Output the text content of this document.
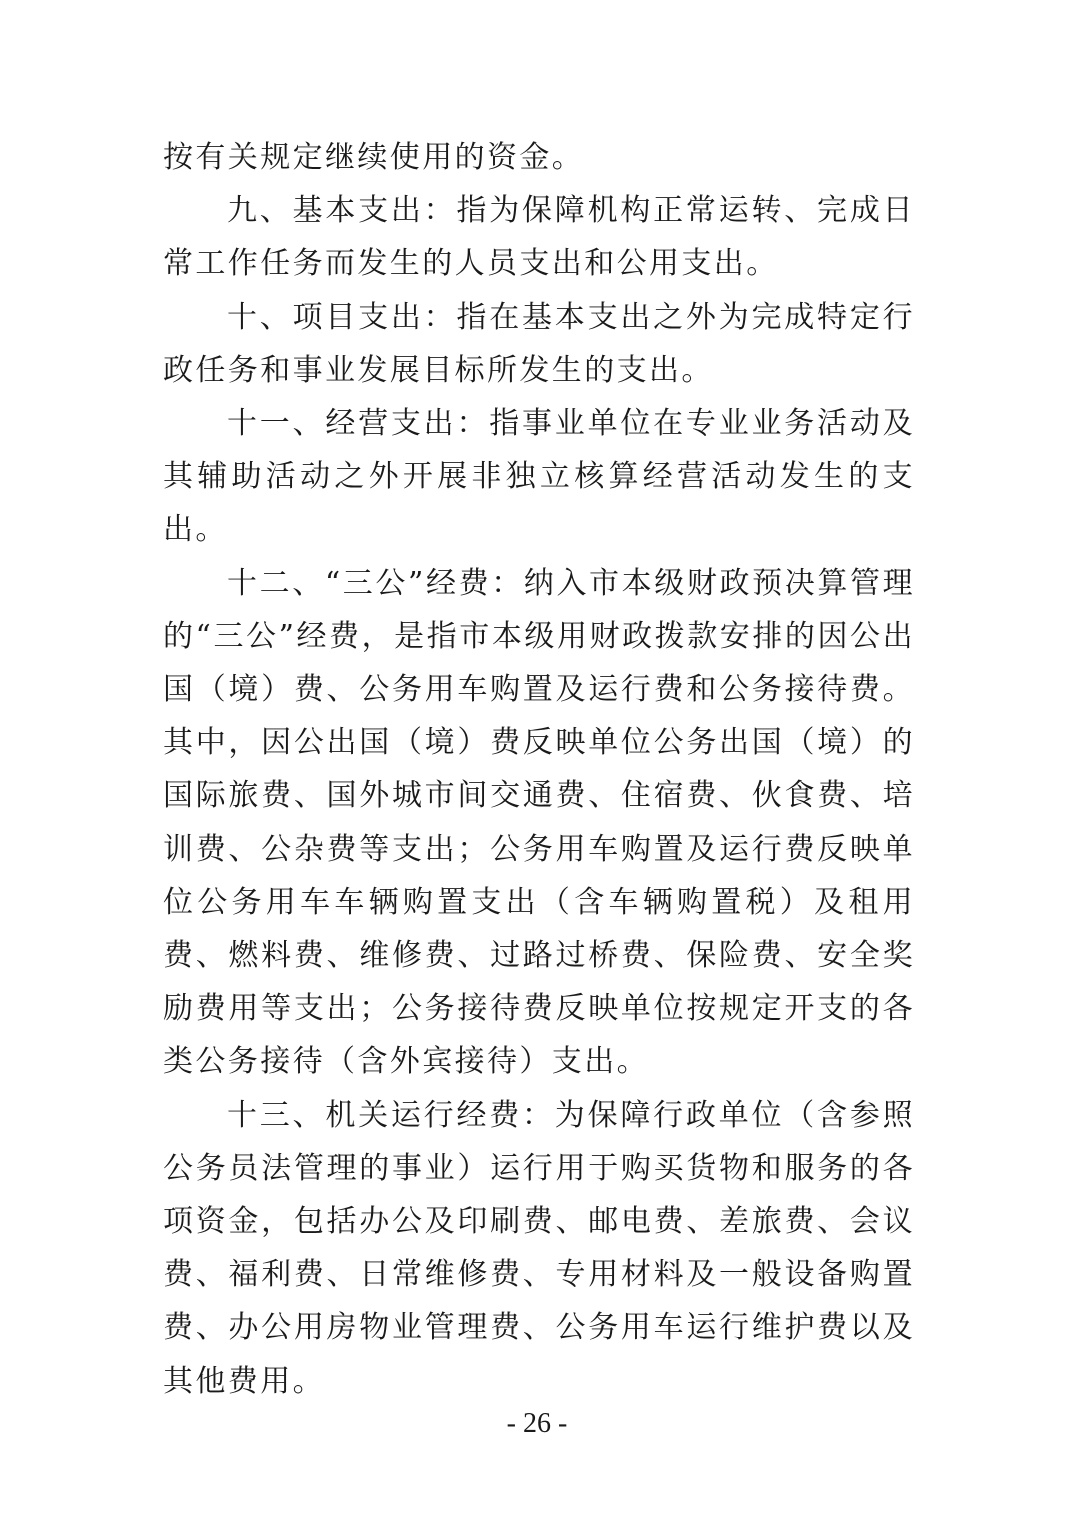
按有关规定继续使用的资金。

九、基本支出：指为保障机构正常运转、完成日常工作任务而发生的人员支出和公用支出。

十、项目支出：指在基本支出之外为完成特定行政任务和事业发展目标所发生的支出。

十一、经营支出：指事业单位在专业业务活动及其辅助活动之外开展非独立核算经营活动发生的支出。

十二、“三公”经费：纳入市本级财政预决算管理的“三公”经费，是指市本级用财政拨款安排的因公出国（境）费、公务用车购置及运行费和公务接待费。其中，因公出国（境）费反映单位公务出国（境）的国际旅费、国外城市间交通费、住宿费、伙食费、培训费、公杂费等支出；公务用车购置及运行费反映单位公务用车车辆购置支出（含车辆购置税）及租用费、燃料费、维修费、过路过桥费、保险费、安全奖励费用等支出；公务接待费反映单位按规定开支的各类公务接待（含外宾接待）支出。

十三、机关运行经费：为保障行政单位（含参照公务员法管理的事业）运行用于购买货物和服务的各项资金，包括办公及印刷费、邮电费、差旅费、会议费、福利费、日常维修费、专用材料及一般设备购置费、办公用房物业管理费、公务用车运行维护费以及其他费用。

- 26 -
